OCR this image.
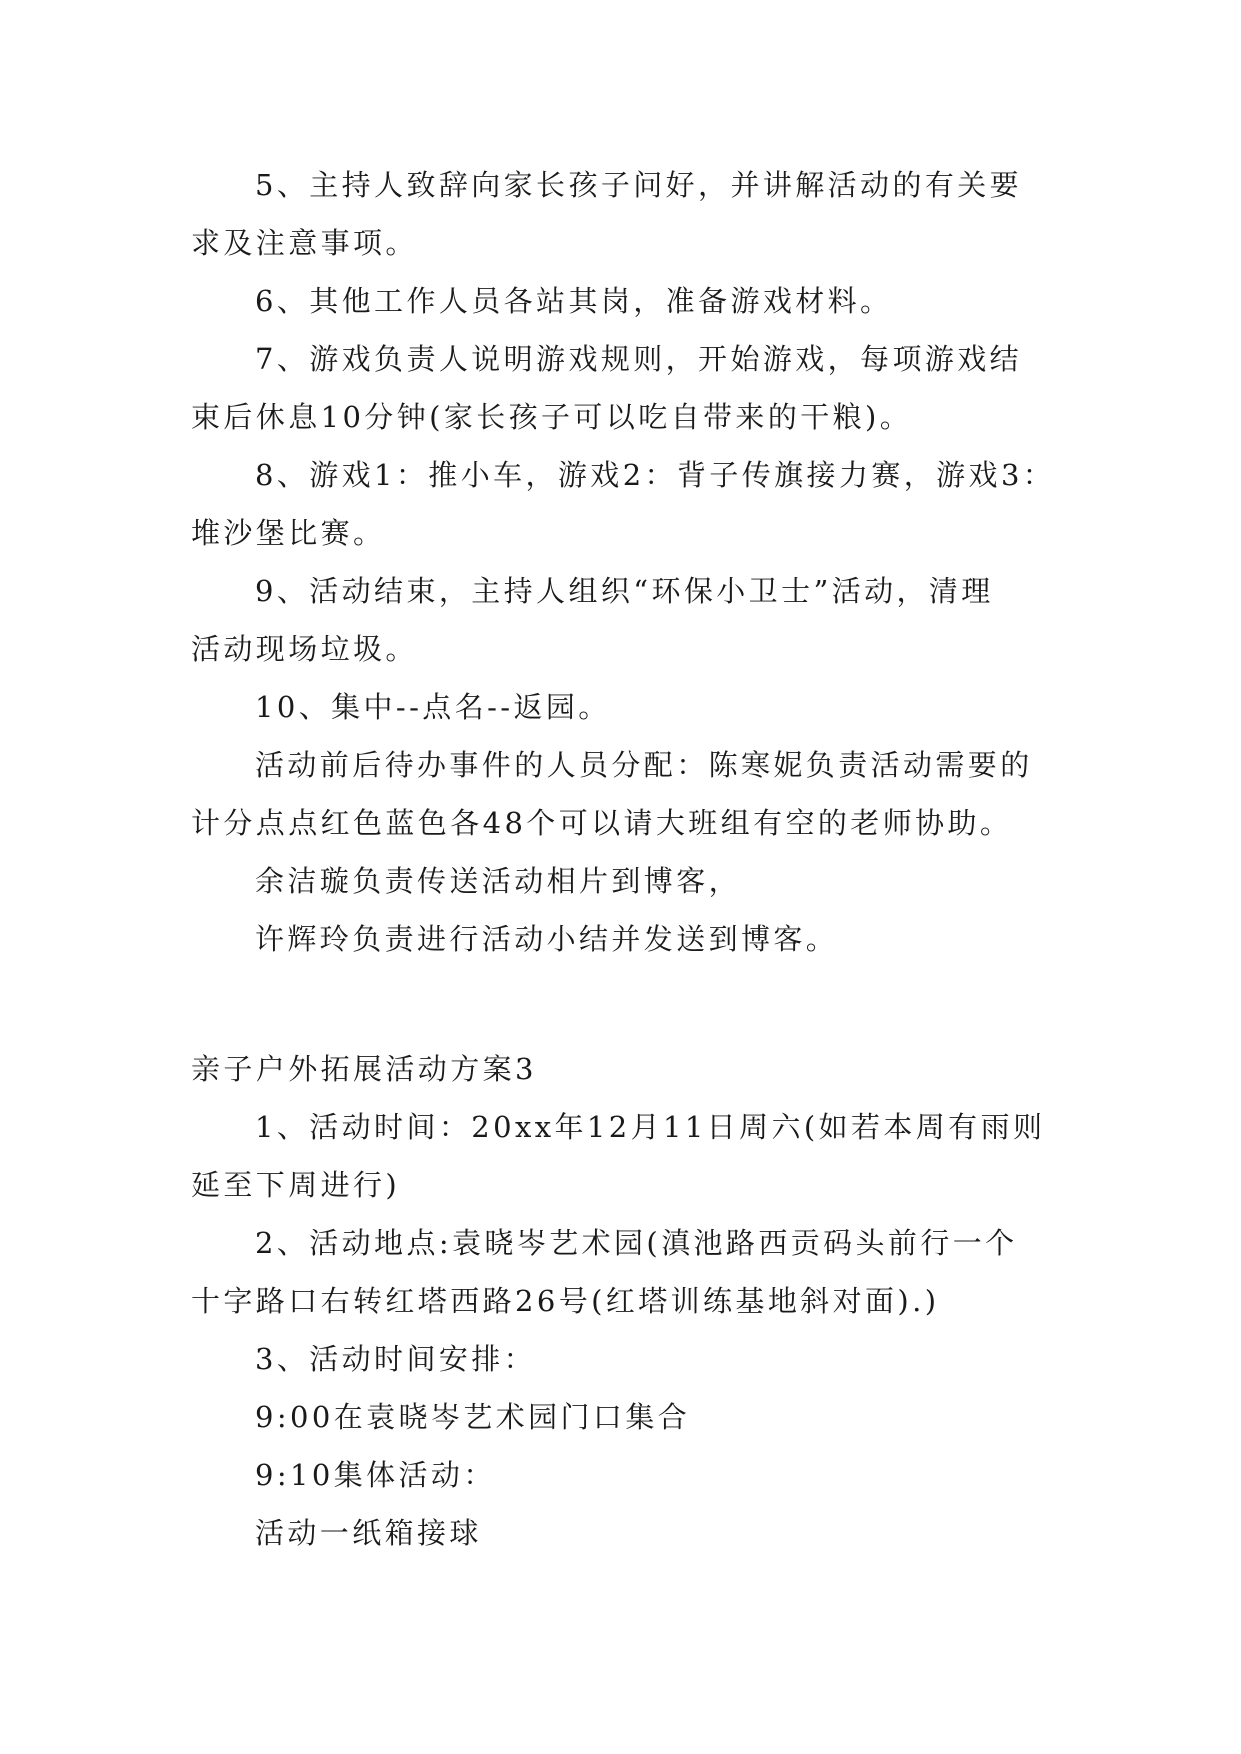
5、主持人致辞向家长孩子问好，并讲解活动的有关要
求及注意事项。
6、其他工作人员各站其岗，准备游戏材料。
7、游戏负责人说明游戏规则，开始游戏，每项游戏结
束后休息10分钟(家长孩子可以吃自带来的干粮)。
8、游戏1：推小车，游戏2：背子传旗接力赛，游戏3：
堆沙堡比赛。
9、活动结束，主持人组织“环保小卫士”活动，清理
活动现场垃圾。
10、集中--点名--返园。
活动前后待办事件的人员分配：陈寒妮负责活动需要的
计分点点红色蓝色各48个可以请大班组有空的老师协助。
余洁璇负责传送活动相片到博客，
许辉玲负责进行活动小结并发送到博客。
亲子户外拓展活动方案3
1、活动时间：20xx年12月11日周六(如若本周有雨则
延至下周进行)
2、活动地点:袁晓岑艺术园(滇池路西贡码头前行一个
十字路口右转红塔西路26号(红塔训练基地斜对面).)
3、活动时间安排：
9:00在袁晓岑艺术园门口集合
9:10集体活动：
活动一纸箱接球
